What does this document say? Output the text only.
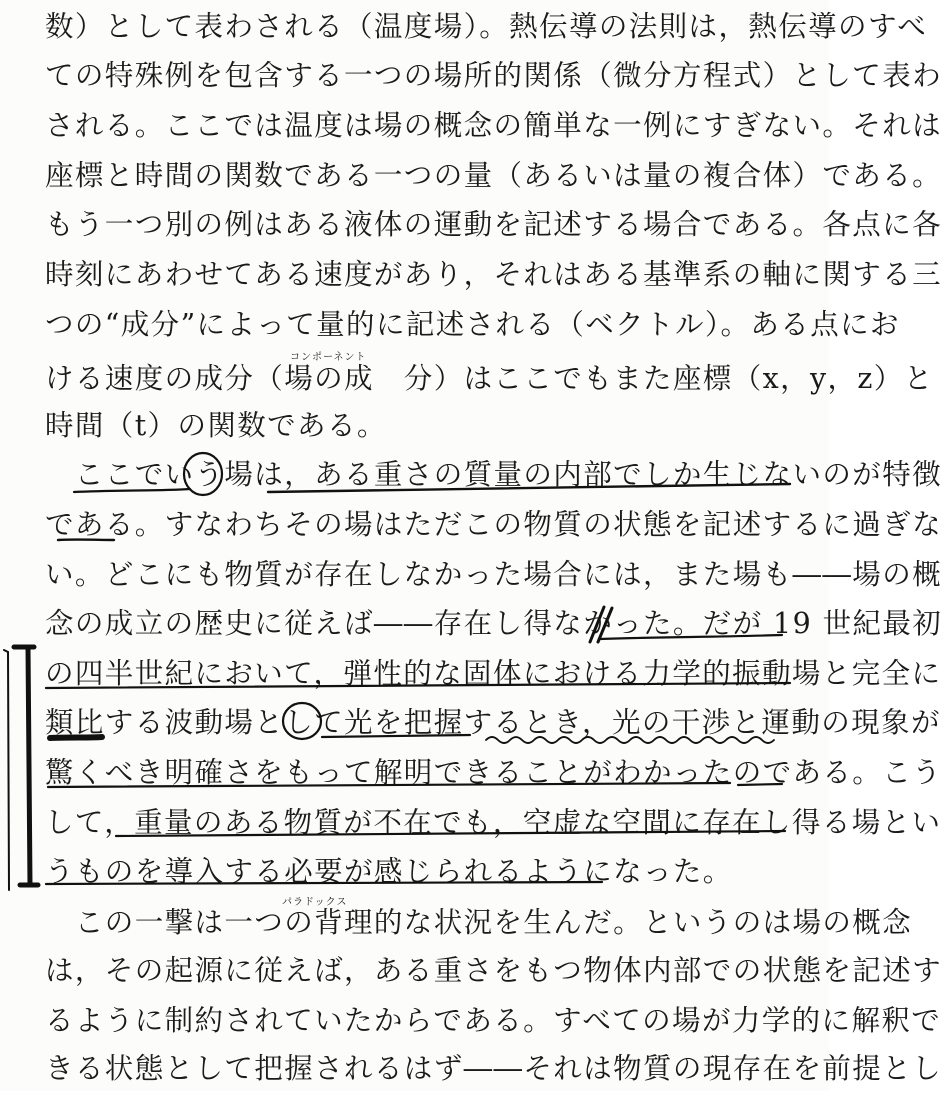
数）として表わされる（温度場）。熱伝導の法則は，熱伝導のすべ
ての特殊例を包含する一つの場所的関係（微分方程式）として表わ
される。ここでは温度は場の概念の簡単な一例にすぎない。それは
座標と時間の関数である一つの量（あるいは量の複合体）である。
もう一つ別の例はある液体の運動を記述する場合である。各点に各
時刻にあわせてある速度があり，それはある基準系の軸に関する三
つの“成分”によって量的に記述される（ベクトル）。ある点にお
コンポーネント
ける速度の成分（場の成　分）はここでもまた座標（x，y，z）と
時間（t）の関数である。
　ここでいう場は，ある重さの質量の内部でしか生じないのが特徴
である。すなわちその場はただこの物質の状態を記述するに過ぎな
い。どこにも物質が存在しなかった場合には，また場も――場の概
念の成立の歴史に従えば――存在し得なかった。だが 19 世紀最初
の四半世紀において，弾性的な固体における力学的振動場と完全に
類比する波動場として光を把握するとき，光の干渉と運動の現象が
驚くべき明確さをもって解明できることがわかったのである。こう
して，重量のある物質が不在でも，空虚な空間に存在し得る場とい
うものを導入する必要が感じられるようになった。
パラドックス
　この一撃は一つの背理的な状況を生んだ。というのは場の概念
は，その起源に従えば，ある重さをもつ物体内部での状態を記述す
るように制約されていたからである。すべての場が力学的に解釈で
きる状態として把握されるはず――それは物質の現存在を前提とし
